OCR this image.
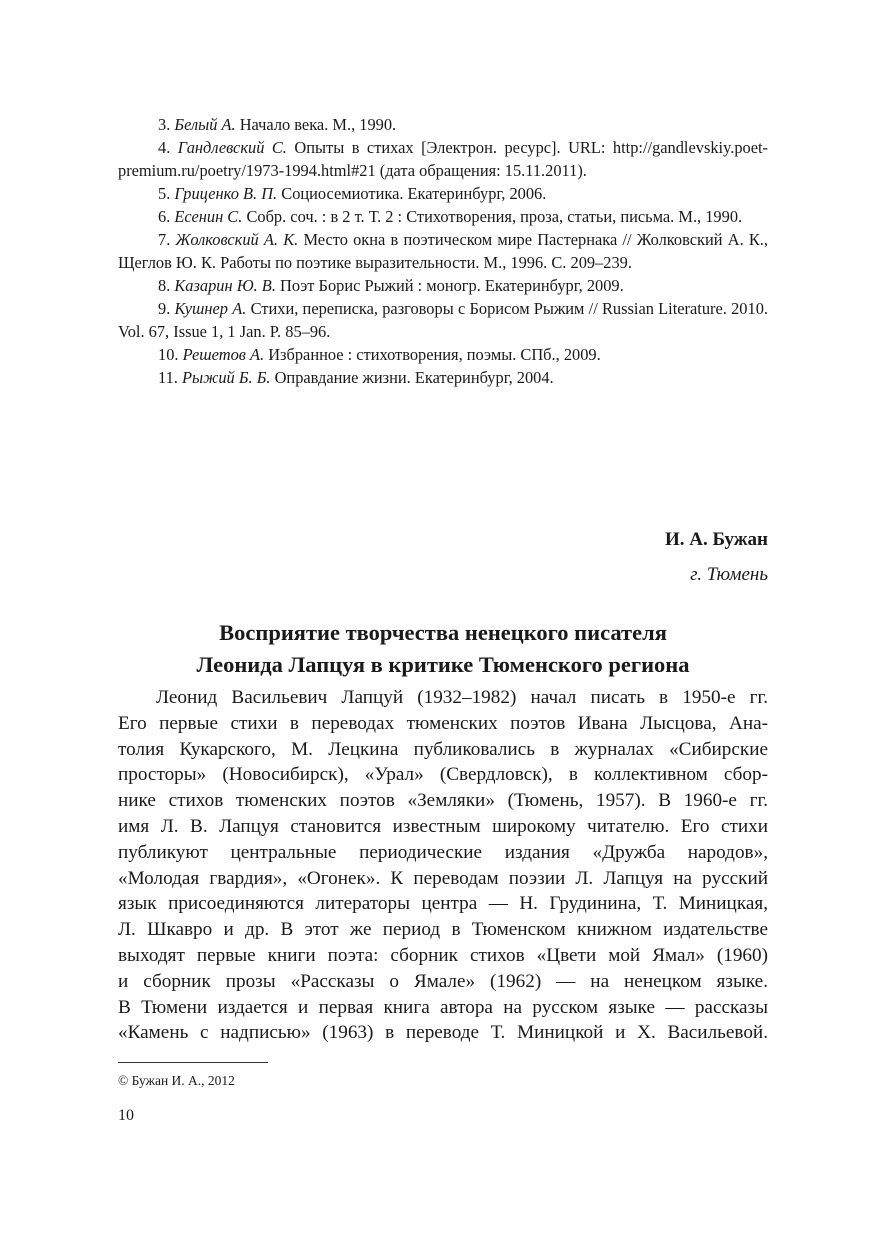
3. Белый А. Начало века. М., 1990.

4. Гандлевский С. Опыты в стихах [Электрон. ресурс]. URL: http://gandlevskiy.poet-premium.ru/poetry/1973-1994.html#21 (дата обращения: 15.11.2011).

5. Гриценко В. П. Социосемиотика. Екатеринбург, 2006.

6. Есенин С. Собр. соч. : в 2 т. Т. 2 : Стихотворения, проза, статьи, письма. М., 1990.

7. Жолковский А. К. Место окна в поэтическом мире Пастернака // Жолковский А. К., Щеглов Ю. К. Работы по поэтике выразительности. М., 1996. С. 209–239.

8. Казарин Ю. В. Поэт Борис Рыжий : моногр. Екатеринбург, 2009.

9. Кушнер А. Стихи, переписка, разговоры с Борисом Рыжим // Russian Literature. 2010. Vol. 67, Issue 1, 1 Jan. P. 85–96.

10. Решетов А. Избранное : стихотворения, поэмы. СПб., 2009.

11. Рыжий Б. Б. Оправдание жизни. Екатеринбург, 2004.

И. А. Бужан
г. Тюмень
Восприятие творчества ненецкого писателя
Леонида Лапцуя в критике Тюменского региона
Леонид Васильевич Лапцуй (1932–1982) начал писать в 1950-е гг.
Его первые стихи в переводах тюменских поэтов Ивана Лысцова, Ана-
толия Кукарского, М. Лецкина публиковались в журналах «Сибирские
просторы» (Новосибирск), «Урал» (Свердловск), в коллективном сбор-
нике стихов тюменских поэтов «Земляки» (Тюмень, 1957). В 1960-е гг.
имя Л. В. Лапцуя становится известным широкому читателю. Его стихи
публикуют центральные периодические издания «Дружба народов»,
«Молодая гвардия», «Огонек». К переводам поэзии Л. Лапцуя на русский
язык присоединяются литераторы центра — Н. Грудинина, Т. Миницкая,
Л. Шкавро и др. В этот же период в Тюменском книжном издательстве
выходят первые книги поэта: сборник стихов «Цвети мой Ямал» (1960)
и сборник прозы «Рассказы о Ямале» (1962) — на ненецком языке.
В Тюмени издается и первая книга автора на русском языке — рассказы
«Камень с надписью» (1963) в переводе Т. Миницкой и Х. Васильевой.
© Бужан И. А., 2012
10
